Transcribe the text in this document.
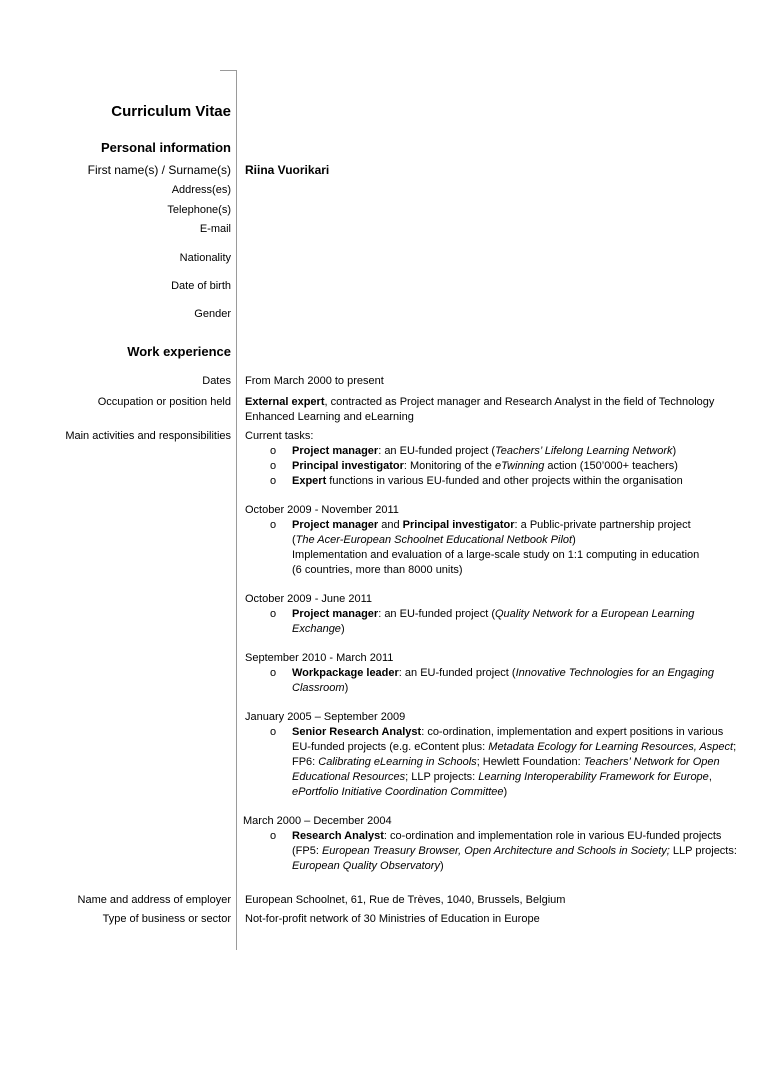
Curriculum Vitae
Personal information
First name(s) / Surname(s) Riina Vuorikari
Address(es)
Telephone(s)
E-mail
Nationality
Date of birth
Gender
Work experience
Dates From March 2000 to present
Occupation or position held External expert, contracted as Project manager and Research Analyst in the field of Technology
Enhanced Learning and eLearning
Main activities and responsibilities Current tasks:
o Project manager: an EU-funded project (Teachers’ Lifelong Learning Network)
o Principal investigator: Monitoring of the eTwinning action (150’000+ teachers)
o Expert functions in various EU-funded and other projects within the organisation
October 2009 - November 2011
o Project manager and Principal investigator: a Public-private partnership project
(The Acer-European Schoolnet Educational Netbook Pilot)
Implementation and evaluation of a large-scale study on 1:1 computing in education
(6 countries, more than 8000 units)
October 2009 - June 2011
o Project manager: an EU-funded project (Quality Network for a European Learning
Exchange)
September 2010 - March 2011
o Workpackage leader: an EU-funded project (Innovative Technologies for an Engaging
Classroom)
January 2005 – September 2009
o Senior Research Analyst: co-ordination, implementation and expert positions in various
EU-funded projects (e.g. eContent plus: Metadata Ecology for Learning Resources, Aspect;
FP6: Calibrating eLearning in Schools; Hewlett Foundation: Teachers’ Network for Open
Educational Resources; LLP projects: Learning Interoperability Framework for Europe,
ePortfolio Initiative Coordination Committee)
March 2000 – December 2004
o Research Analyst: co-ordination and implementation role in various EU-funded projects
(FP5: European Treasury Browser, Open Architecture and Schools in Society; LLP projects:
European Quality Observatory)
Name and address of employer European Schoolnet, 61, Rue de Trèves, 1040, Brussels, Belgium
Type of business or sector Not-for-profit network of 30 Ministries of Education in Europe
